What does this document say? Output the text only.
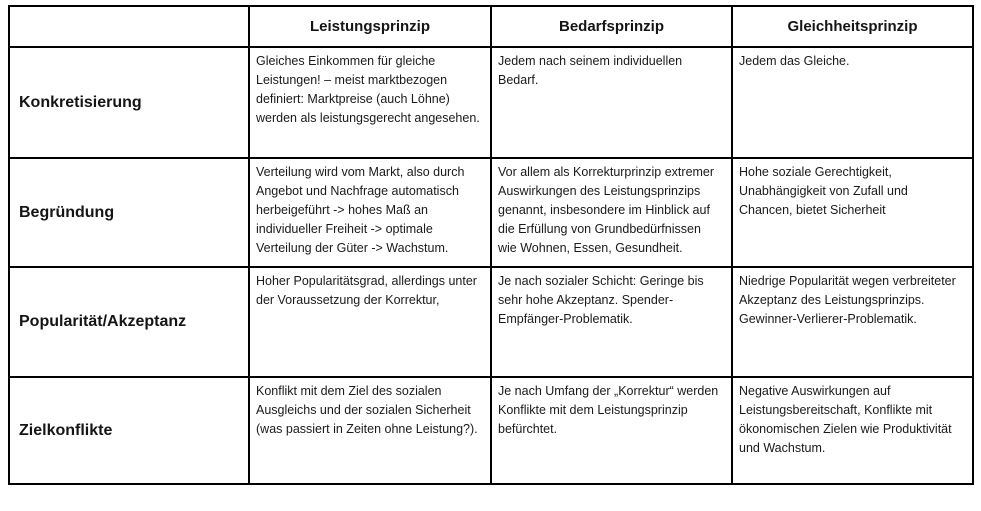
	Leistungsprinzip	Bedarfsprinzip	Gleichheitsprinzip
Konkretisierung	Gleiches Einkommen für gleiche Leistungen! – meist marktbezogen definiert: Marktpreise (auch Löhne) werden als leistungsgerecht angesehen.	Jedem nach seinem individuellen Bedarf.	Jedem das Gleiche.
Begründung	Verteilung wird vom Markt, also durch Angebot und Nachfrage automatisch herbeigeführt -> hohes Maß an individueller Freiheit -> optimale Verteilung der Güter -> Wachstum.	Vor allem als Korrekturprinzip extremer Auswirkungen des Leistungsprinzips genannt, insbesondere im Hinblick auf die Erfüllung von Grundbedürfnissen wie Wohnen, Essen, Gesundheit.	Hohe soziale Gerechtigkeit, Unabhängigkeit von Zufall und Chancen, bietet Sicherheit
Popularität/Akzeptanz	Hoher Popularitätsgrad, allerdings unter der Voraussetzung der Korrektur,	Je nach sozialer Schicht: Geringe bis sehr hohe Akzeptanz. Spender-Empfänger-Problematik.	Niedrige Popularität wegen verbreiteter Akzeptanz des Leistungsprinzips. Gewinner-Verlierer-Problematik.
Zielkonflikte	Konflikt mit dem Ziel des sozialen Ausgleichs und der sozialen Sicherheit (was passiert in Zeiten ohne Leistung?).	Je nach Umfang der „Korrektur“ werden Konflikte mit dem Leistungsprinzip befürchtet.	Negative Auswirkungen auf Leistungsbereitschaft, Konflikte mit ökonomischen Zielen wie Produktivität und Wachstum.
